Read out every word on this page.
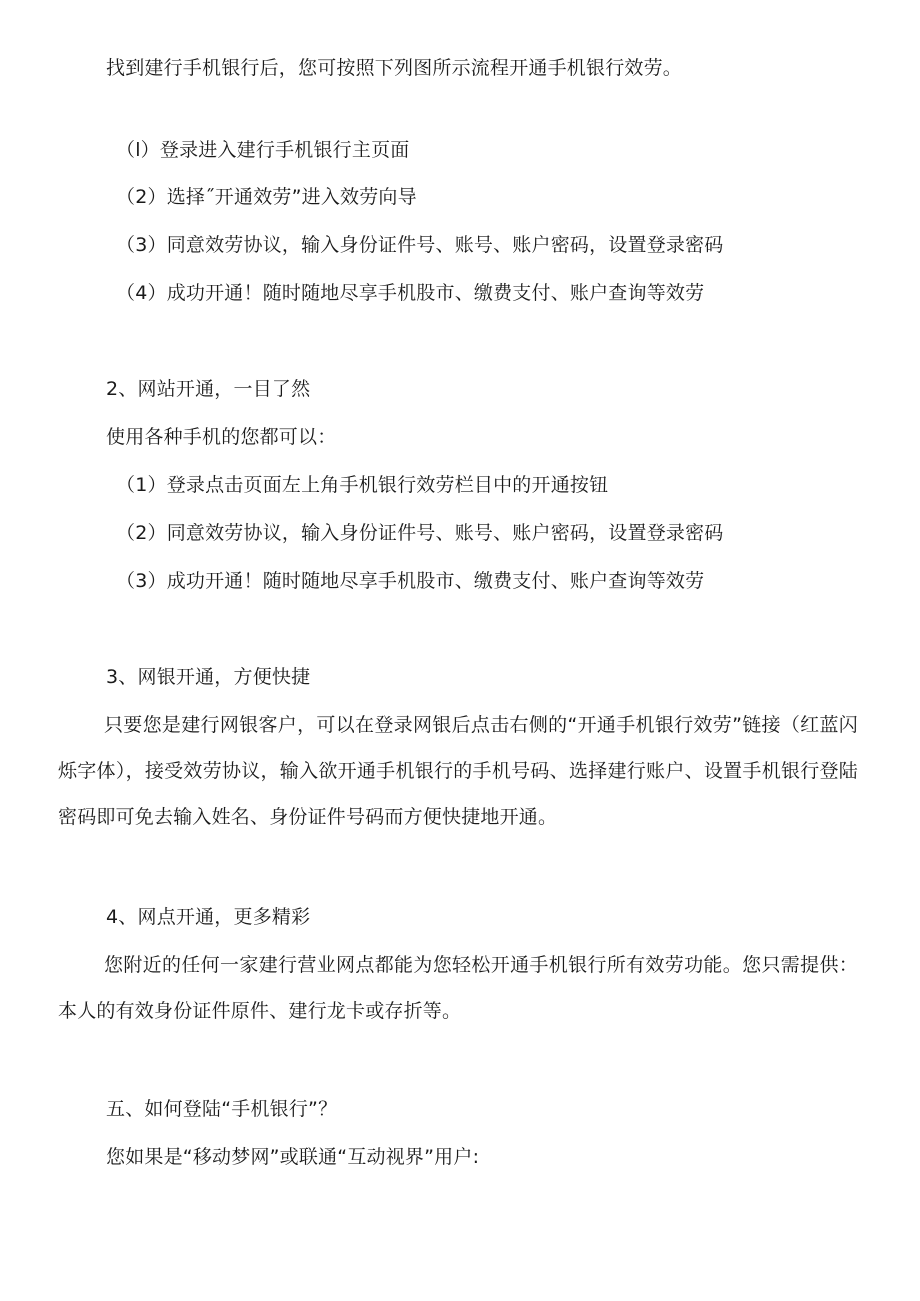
找到建行手机银行后，您可按照下列图所示流程开通手机银行效劳。
（l）登录进入建行手机银行主页面
（2）选择˝开通效劳”进入效劳向导
（3）同意效劳协议，输入身份证件号、账号、账户密码，设置登录密码
（4）成功开通！随时随地尽享手机股市、缴费支付、账户查询等效劳
2、网站开通，一目了然
使用各种手机的您都可以：
（1）登录点击页面左上角手机银行效劳栏目中的开通按钮
（2）同意效劳协议，输入身份证件号、账号、账户密码，设置登录密码
（3）成功开通！随时随地尽享手机股市、缴费支付、账户查询等效劳
3、网银开通，方便快捷
只要您是建行网银客户，可以在登录网银后点击右侧的“开通手机银行效劳”链接（红蓝闪烁字体），接受效劳协议，输入欲开通手机银行的手机号码、选择建行账户、设置手机银行登陆密码即可免去输入姓名、身份证件号码而方便快捷地开通。
4、网点开通，更多精彩
您附近的任何一家建行营业网点都能为您轻松开通手机银行所有效劳功能。您只需提供：本人的有效身份证件原件、建行龙卡或存折等。
五、如何登陆“手机银行”？
您如果是“移动梦网”或联通“互动视界”用户:
